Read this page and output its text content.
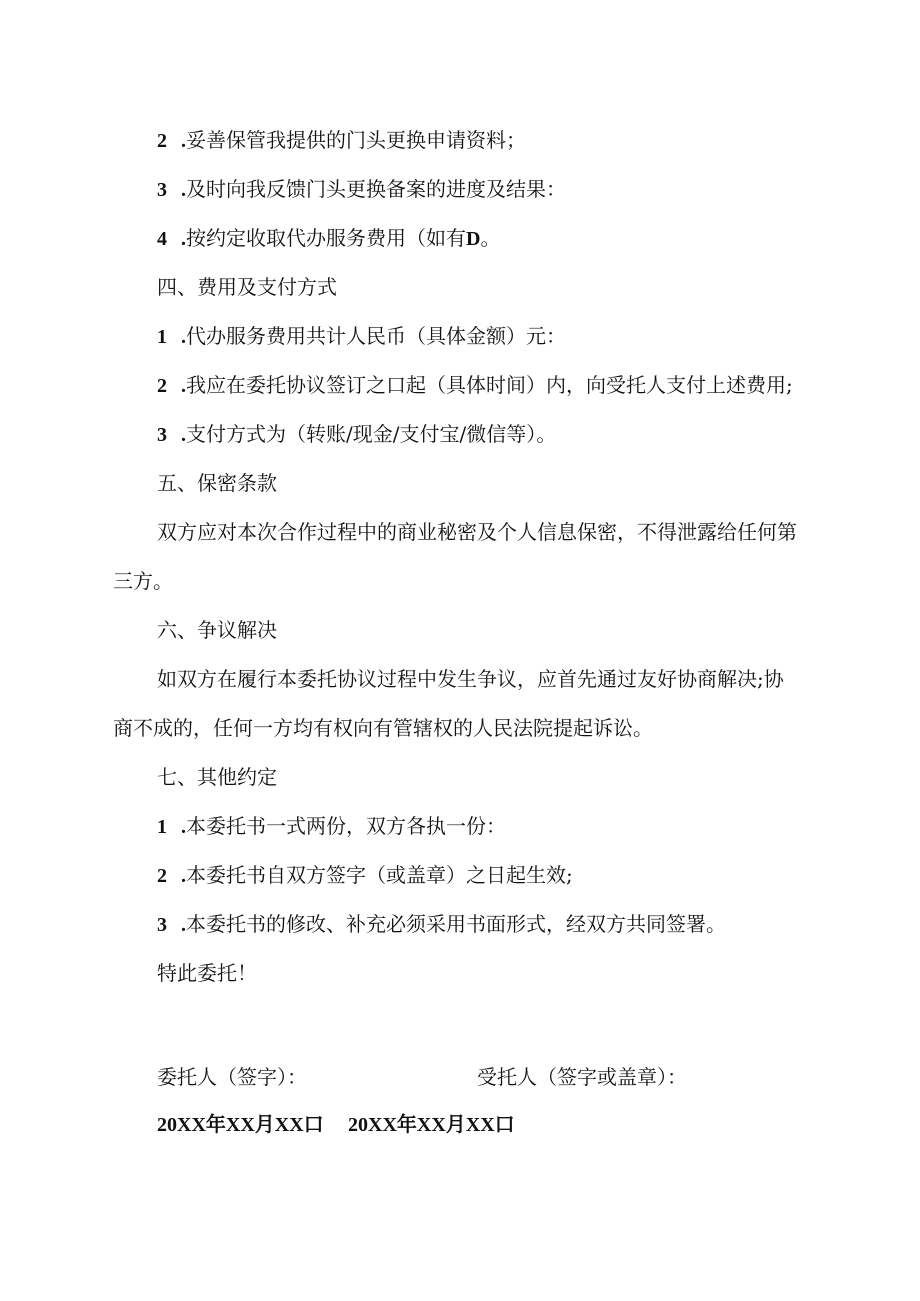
2 .妥善保管我提供的门头更换申请资料；
3 .及时向我反馈门头更换备案的进度及结果：
4 .按约定收取代办服务费用（如有D。
四、费用及支付方式
1 .代办服务费用共计人民币（具体金额）元：
2 .我应在委托协议签订之口起（具体时间）内，向受托人支付上述费用;
3 .支付方式为（转账/现金/支付宝/微信等）。
五、保密条款
双方应对本次合作过程中的商业秘密及个人信息保密，不得泄露给任何第
三方。
六、争议解决
如双方在履行本委托协议过程中发生争议，应首先通过友好协商解决;协
商不成的，任何一方均有权向有管辖权的人民法院提起诉讼。
七、其他约定
1 .本委托书一式两份，双方各执一份：
2 .本委托书自双方签字（或盖章）之日起生效;
3 .本委托书的修改、补充必须采用书面形式，经双方共同签署。
特此委托！
委托人（签字）：	受托人（签字或盖章）：
20XX年XX月XX口 20XX年XX月XX口
